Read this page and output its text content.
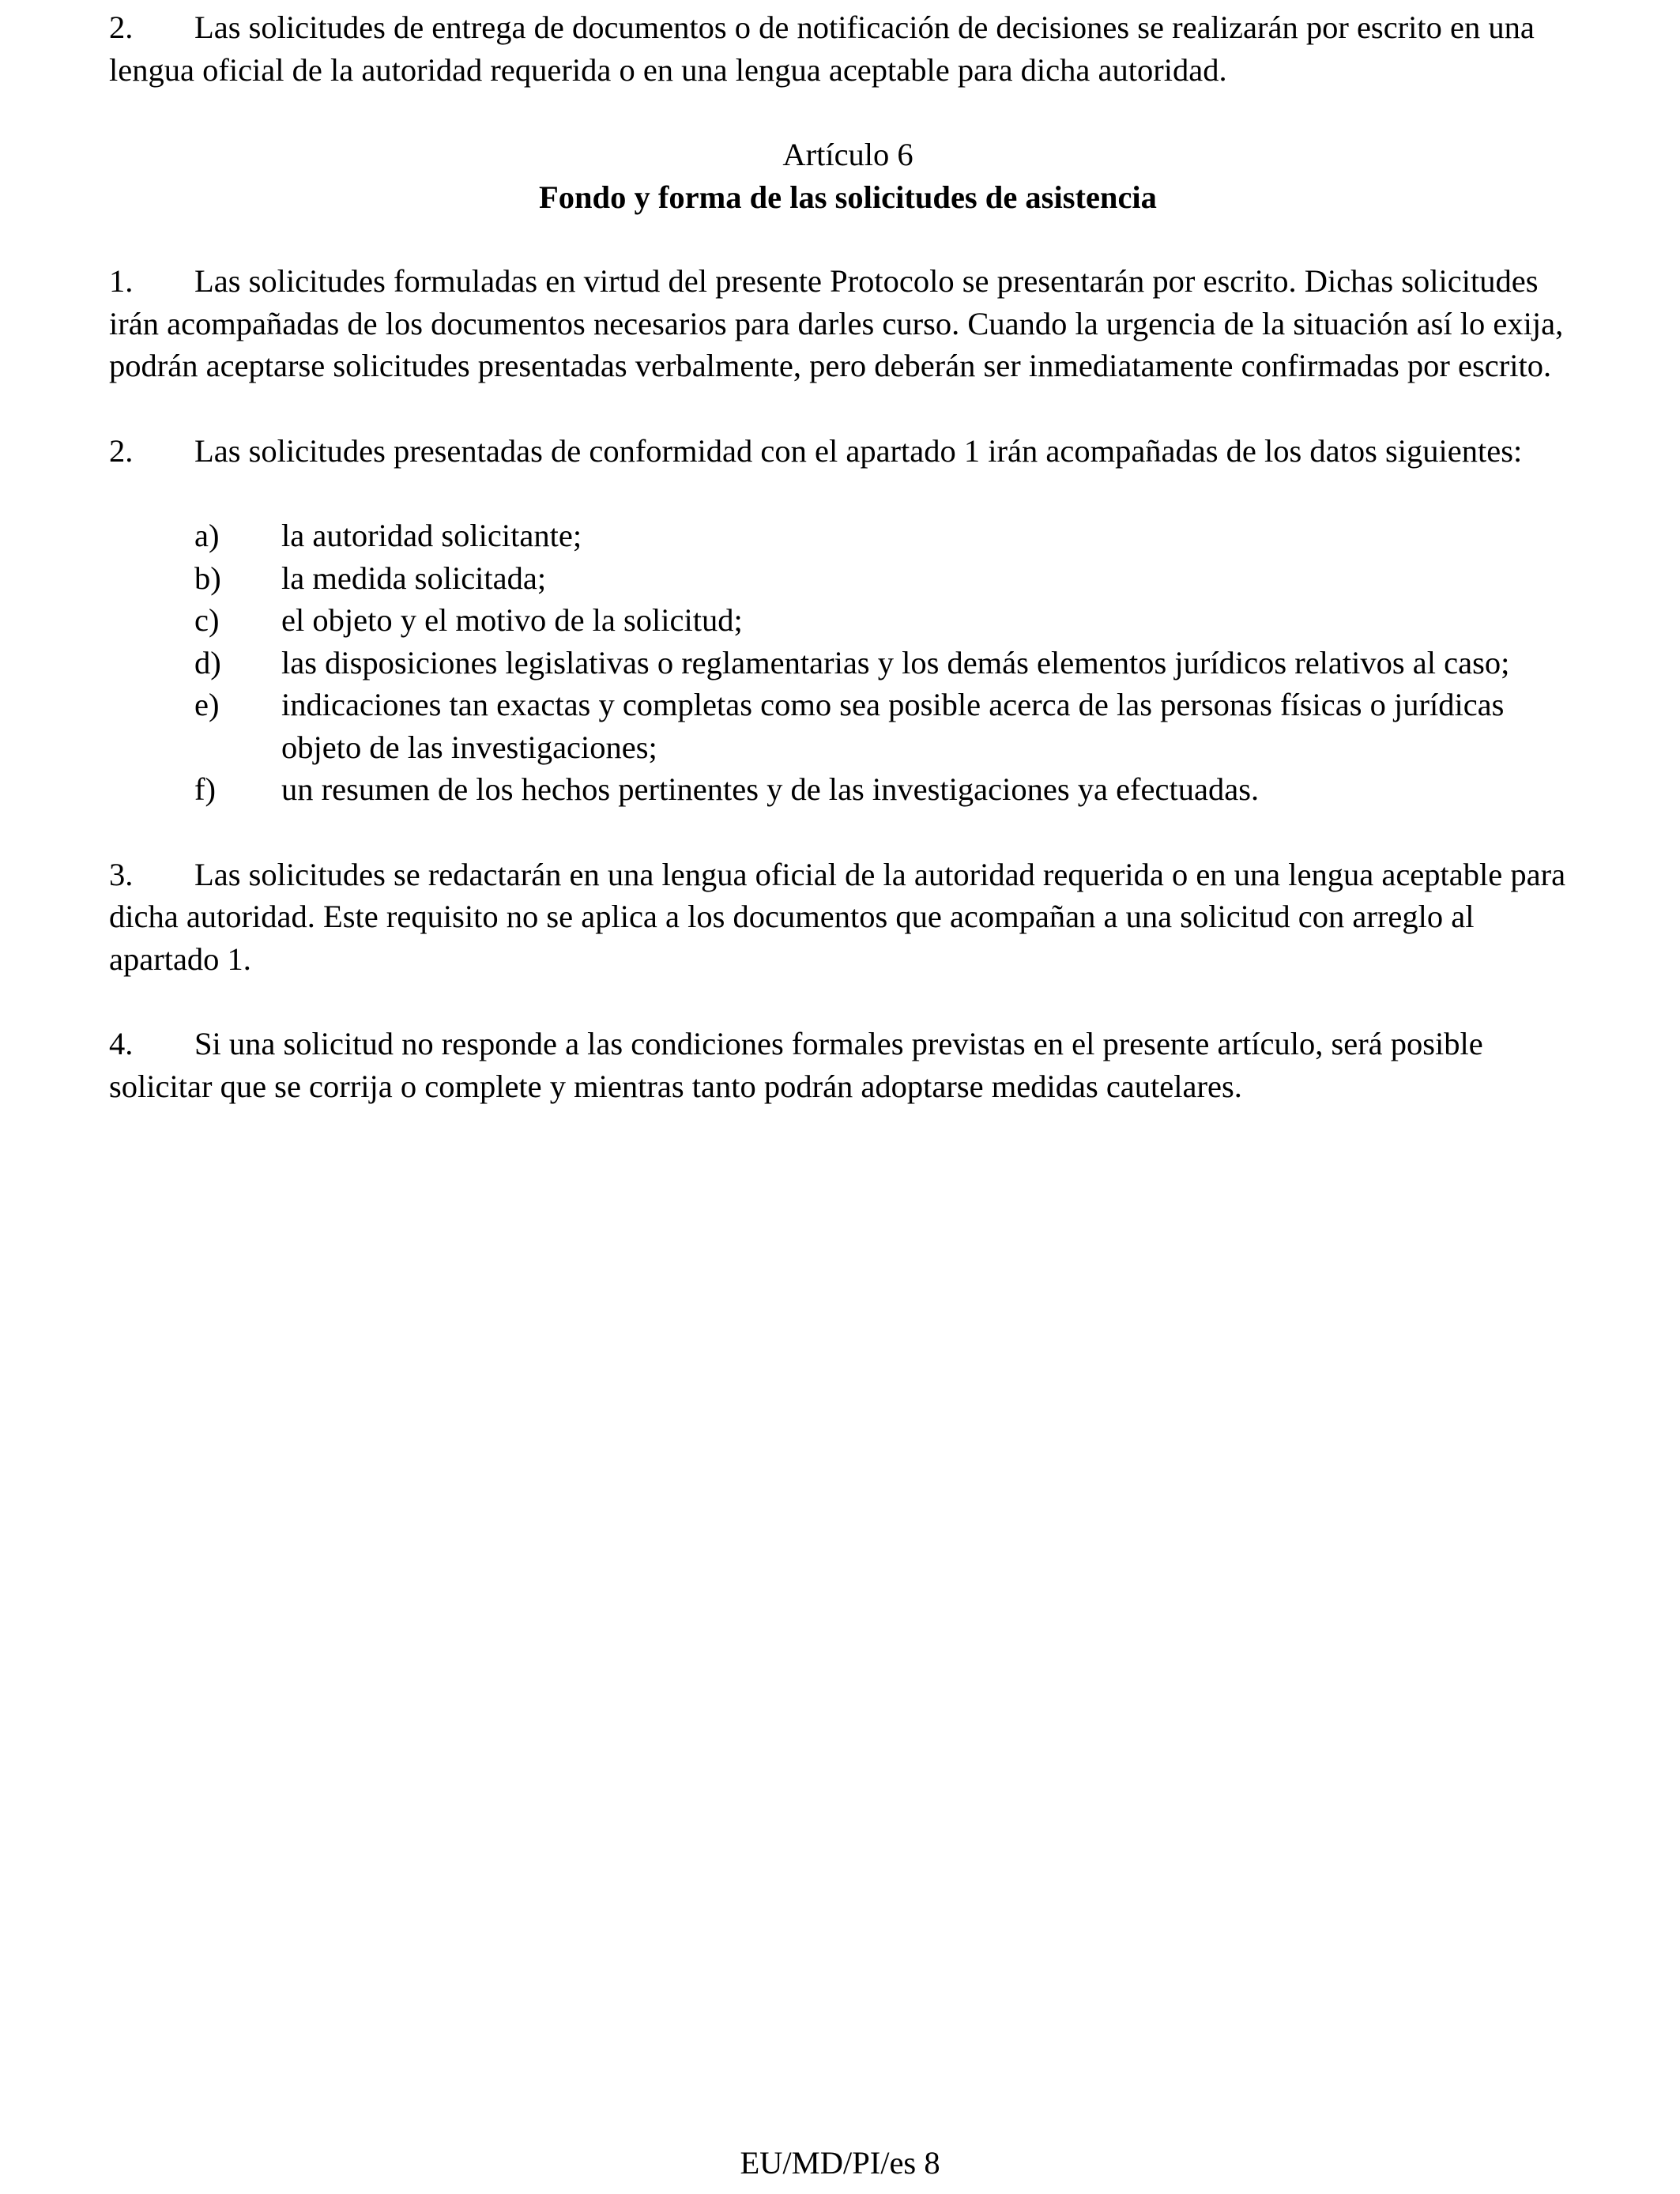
2. Las solicitudes de entrega de documentos o de notificación de decisiones se realizarán por escrito en una lengua oficial de la autoridad requerida o en una lengua aceptable para dicha autoridad.

Artículo 6
Fondo y forma de las solicitudes de asistencia

1. Las solicitudes formuladas en virtud del presente Protocolo se presentarán por escrito. Dichas solicitudes irán acompañadas de los documentos necesarios para darles curso. Cuando la urgencia de la situación así lo exija, podrán aceptarse solicitudes presentadas verbalmente, pero deberán ser inmediatamente confirmadas por escrito.

2. Las solicitudes presentadas de conformidad con el apartado 1 irán acompañadas de los datos siguientes:

a) la autoridad solicitante;
b) la medida solicitada;
c) el objeto y el motivo de la solicitud;
d) las disposiciones legislativas o reglamentarias y los demás elementos jurídicos relativos al caso;
e) indicaciones tan exactas y completas como sea posible acerca de las personas físicas o jurídicas objeto de las investigaciones;
f) un resumen de los hechos pertinentes y de las investigaciones ya efectuadas.

3. Las solicitudes se redactarán en una lengua oficial de la autoridad requerida o en una lengua aceptable para dicha autoridad. Este requisito no se aplica a los documentos que acompañan a una solicitud con arreglo al apartado 1.

4. Si una solicitud no responde a las condiciones formales previstas en el presente artículo, será posible solicitar que se corrija o complete y mientras tanto podrán adoptarse medidas cautelares.

EU/MD/PI/es 8
